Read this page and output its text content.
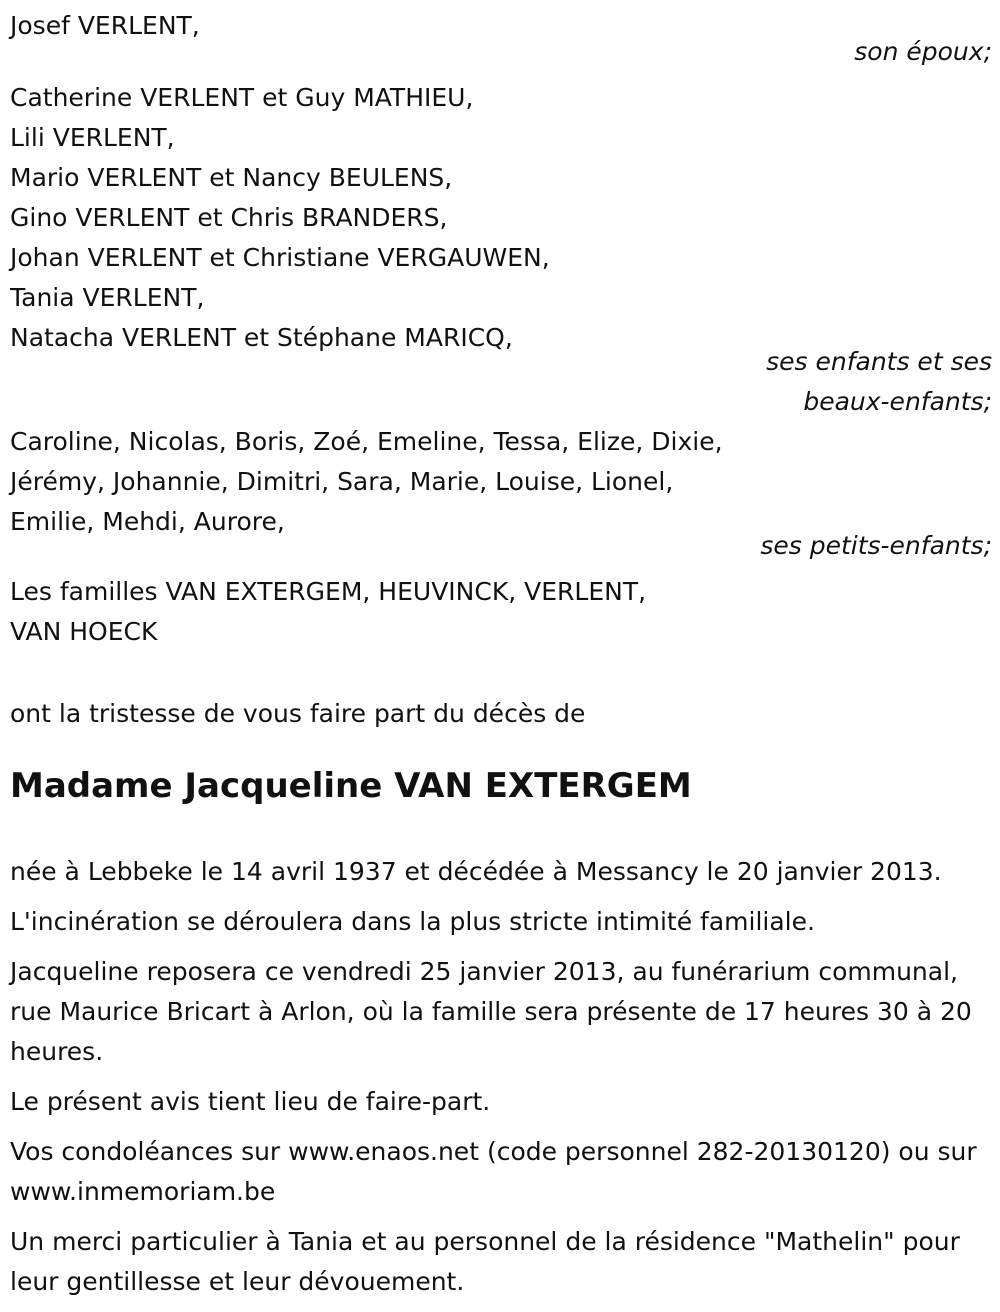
Josef VERLENT,
son époux;
Catherine VERLENT et Guy MATHIEU,
Lili VERLENT,
Mario VERLENT et Nancy BEULENS,
Gino VERLENT et Chris BRANDERS,
Johan VERLENT et Christiane VERGAUWEN,
Tania VERLENT,
Natacha VERLENT et Stéphane MARICQ,
ses enfants et ses
beaux-enfants;
Caroline, Nicolas, Boris, Zoé, Emeline, Tessa, Elize, Dixie,
Jérémy, Johannie, Dimitri, Sara, Marie, Louise, Lionel,
Emilie, Mehdi, Aurore,
ses petits-enfants;
Les familles VAN EXTERGEM, HEUVINCK, VERLENT,
VAN HOECK
ont la tristesse de vous faire part du décès de
Madame Jacqueline VAN EXTERGEM

née à Lebbeke le 14 avril 1937 et décédée à Messancy le 20 janvier 2013.

L'incinération se déroulera dans la plus stricte intimité familiale.

Jacqueline reposera ce vendredi 25 janvier 2013, au funérarium communal, rue Maurice Bricart à Arlon, où la famille sera présente de 17 heures 30 à 20 heures.

Le présent avis tient lieu de faire-part.

Vos condoléances sur www.enaos.net (code personnel 282-20130120) ou sur www.inmemoriam.be

Un merci particulier à Tania et au personnel de la résidence "Mathelin" pour leur gentillesse et leur dévouement.
